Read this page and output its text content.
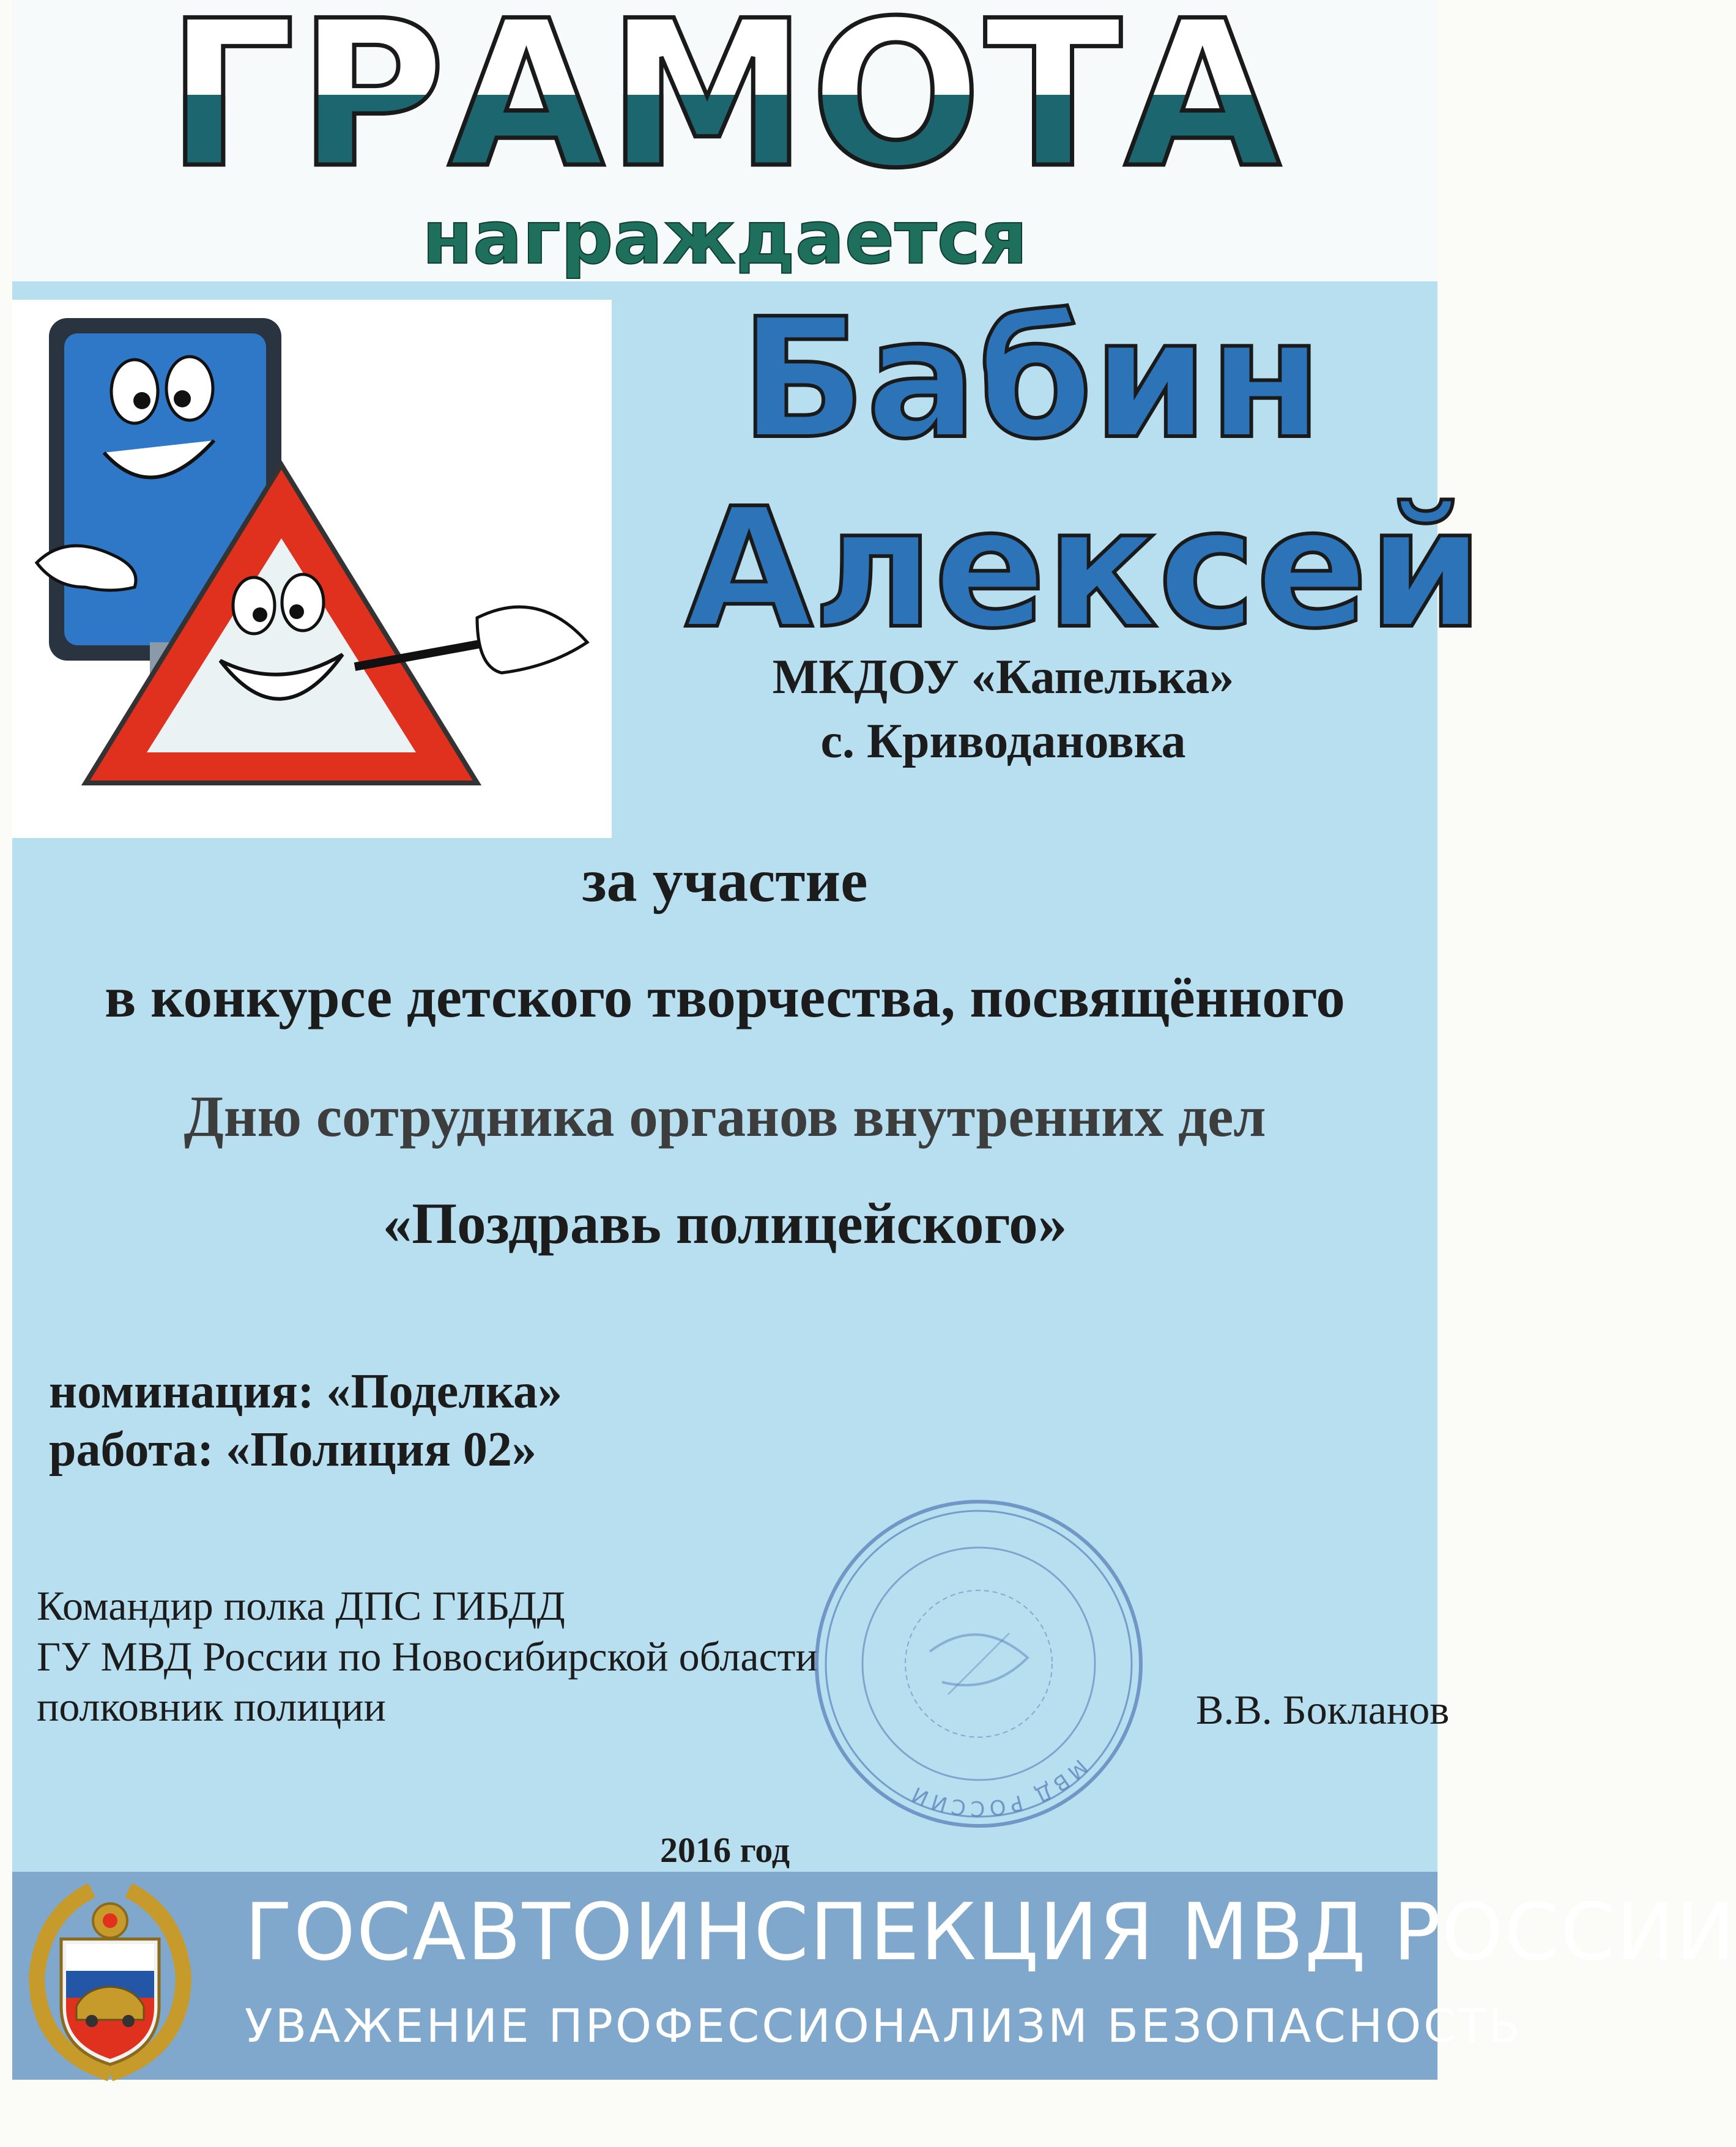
ГРАМОТА
награждается
Бабин
Алексей
МКДОУ «Капелька»
с. Криводановка
за участие
в конкурсе детского творчества, посвящённого
Дню сотрудника органов внутренних дел
«Поздравь полицейского»
номинация: «Поделка»
работа: «Полиция 02»
Командир полка ДПС ГИБДД
ГУ МВД России по Новосибирской области
полковник полиции	В.В. Бокланов
МВД РОССИИ
2016 год
ГОСАВТОИНСПЕКЦИЯ МВД РОССИИ
УВАЖЕНИЕ ПРОФЕССИОНАЛИЗМ БЕЗОПАСНОСТЬ
